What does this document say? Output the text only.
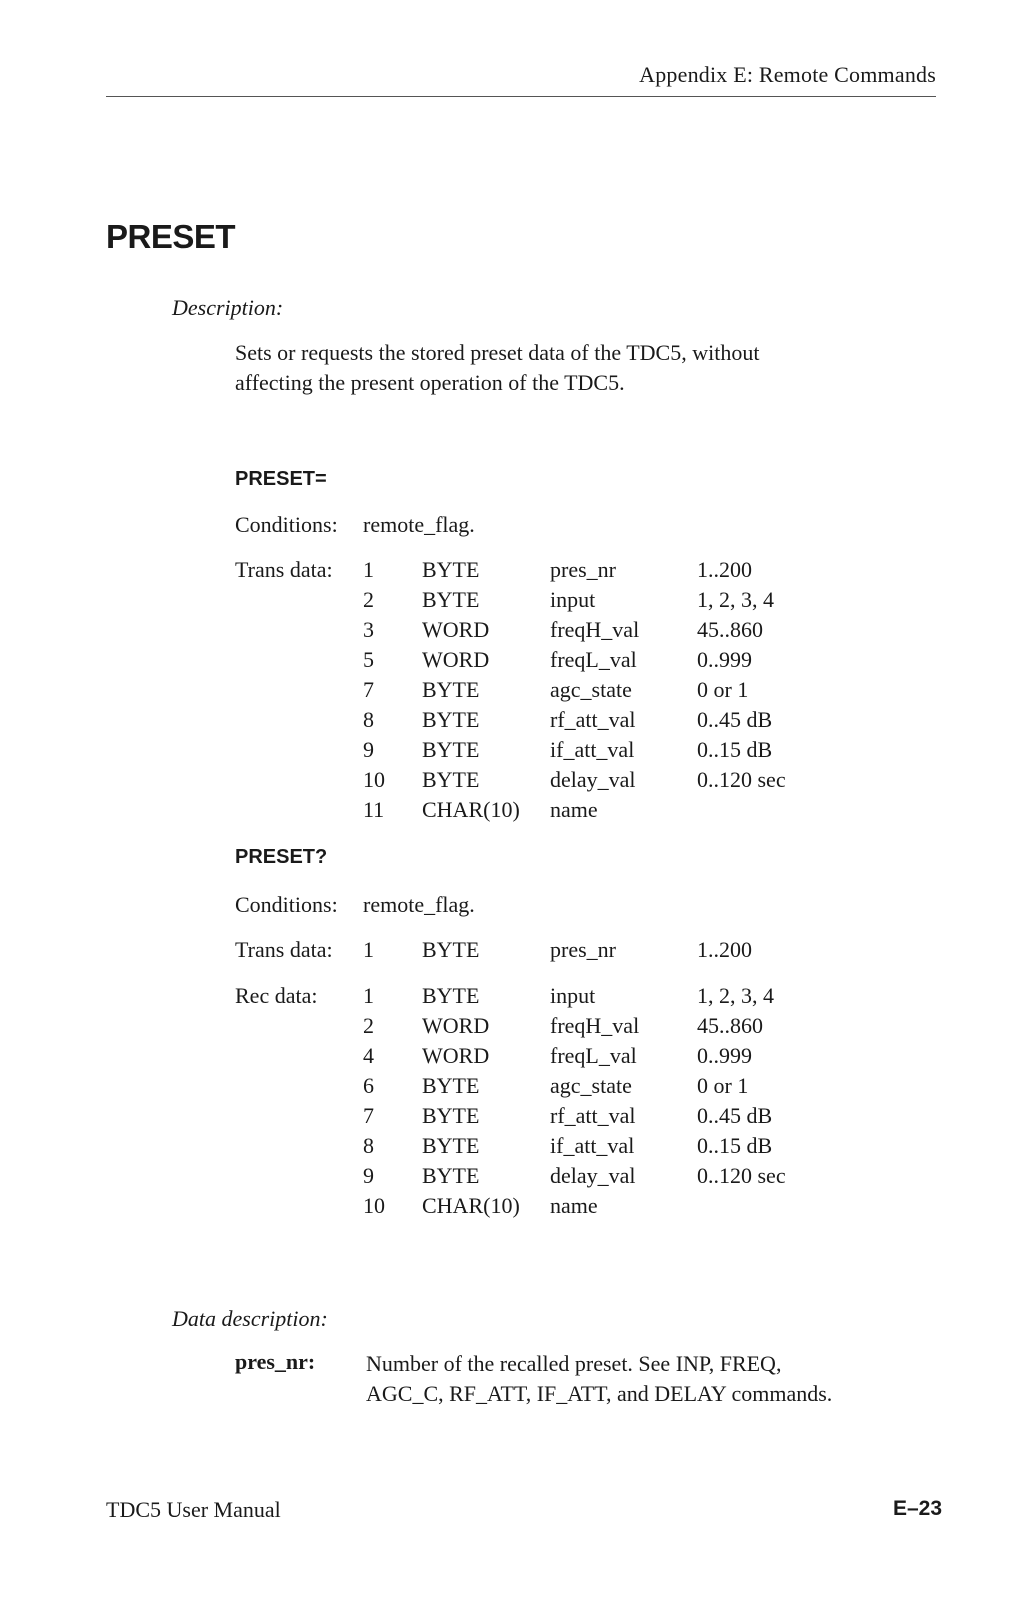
Appendix E: Remote Commands
PRESET
Description:
Sets or requests the stored preset data of the TDC5, without
affecting the present operation of the TDC5.
PRESET=
Conditions: remote_flag.
Trans data: 1 BYTE	pres_nr	1..200
2 BYTE	input	1, 2, 3, 4
3 WORD	freqH_val	45..860
5 WORD	freqL_val	0..999
7 BYTE	agc_state	0 or 1
8 BYTE	rf_att_val	0..45 dB
9 BYTE	if_att_val	0..15 dB
10 BYTE	delay_val	0..120 sec
11 CHAR(10) name
PRESET?
Conditions: remote_flag.
Trans data: 1 BYTE	pres_nr	1..200
Rec data: 1 BYTE	input	1, 2, 3, 4
2 WORD	freqH_val	45..860
4 WORD	freqL_val	0..999
6 BYTE	agc_state	0 or 1
7 BYTE	rf_att_val	0..45 dB
8 BYTE	if_att_val	0..15 dB
9 BYTE	delay_val	0..120 sec
10 CHAR(10) name
Data description:
pres_nr: Number of the recalled preset. See INP, FREQ,
AGC_C, RF_ATT, IF_ATT, and DELAY commands.
TDC5 User Manual	E–23
